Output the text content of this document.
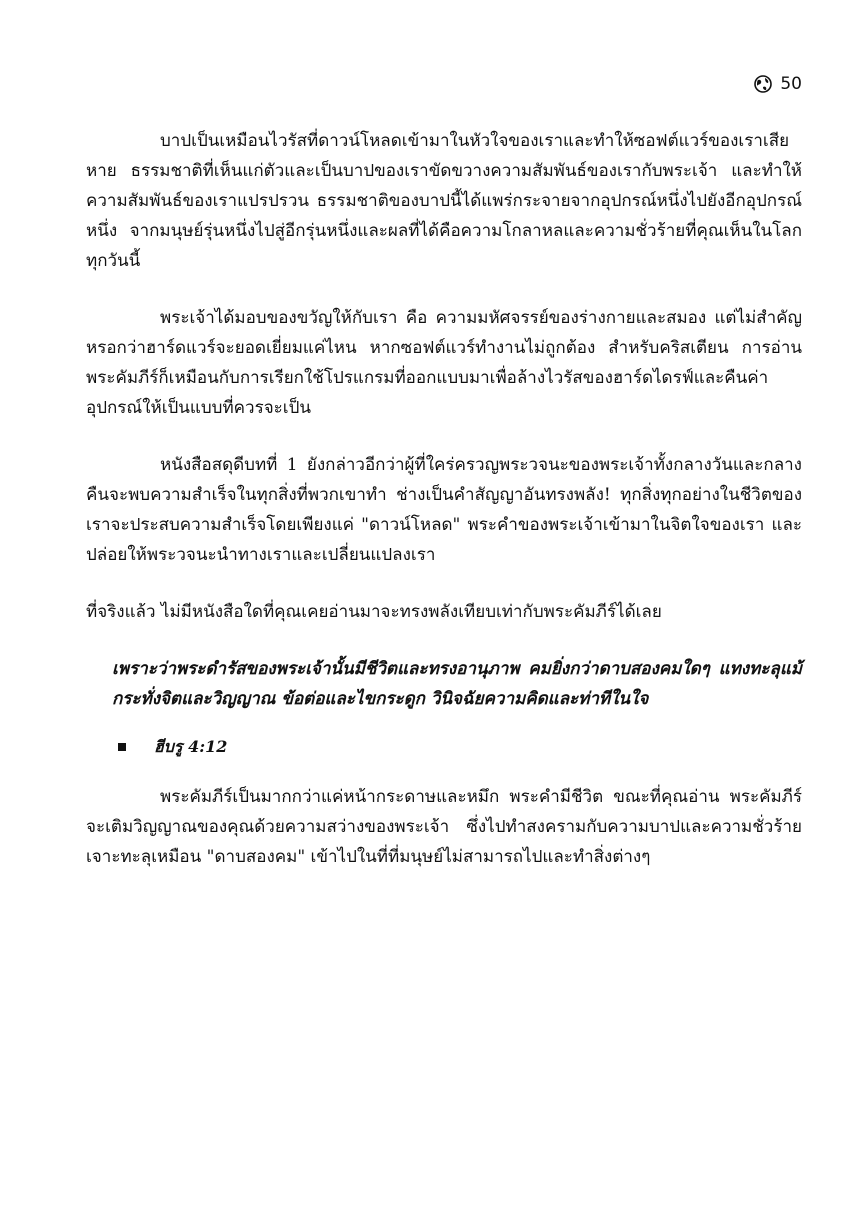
50

บาปเป็นเหมือนไวรัสที่ดาวน์โหลดเข้ามาในหัวใจของเราและทำให้ซอฟต์แวร์ของเราเสียหาย ธรรมชาติที่เห็นแก่ตัวและเป็นบาปของเราขัดขวางความสัมพันธ์ของเรากับพระเจ้า และทำให้ความสัมพันธ์ของเราแปรปรวน ธรรมชาติของบาปนี้ได้แพร่กระจายจากอุปกรณ์หนึ่งไปยังอีกอุปกรณ์หนึ่ง จากมนุษย์รุ่นหนึ่งไปสู่อีกรุ่นหนึ่งและผลที่ได้คือความโกลาหลและความชั่วร้ายที่คุณเห็นในโลกทุกวันนี้

พระเจ้าได้มอบของขวัญให้กับเรา คือ ความมหัศจรรย์ของร่างกายและสมอง แต่ไม่สำคัญหรอกว่าฮาร์ดแวร์จะยอดเยี่ยมแค่ไหน หากซอฟต์แวร์ทำงานไม่ถูกต้อง สำหรับคริสเตียน การอ่านพระคัมภีร์ก็เหมือนกับการเรียกใช้โปรแกรมที่ออกแบบมาเพื่อล้างไวรัสของฮาร์ดไดรฟ์และคืนค่าอุปกรณ์ให้เป็นแบบที่ควรจะเป็น

หนังสือสดุดีบทที่ 1 ยังกล่าวอีกว่าผู้ที่ใคร่ครวญพระวจนะของพระเจ้าทั้งกลางวันและกลางคืนจะพบความสำเร็จในทุกสิ่งที่พวกเขาทำ ช่างเป็นคำสัญญาอันทรงพลัง! ทุกสิ่งทุกอย่างในชีวิตของเราจะประสบความสำเร็จโดยเพียงแค่ "ดาวน์โหลด" พระคำของพระเจ้าเข้ามาในจิตใจของเรา และปล่อยให้พระวจนะนำทางเราและเปลี่ยนแปลงเรา

ที่จริงแล้ว ไม่มีหนังสือใดที่คุณเคยอ่านมาจะทรงพลังเทียบเท่ากับพระคัมภีร์ได้เลย

เพราะว่าพระดำรัสของพระเจ้านั้นมีชีวิตและทรงอานุภาพ คมยิ่งกว่าดาบสองคมใดๆ แทงทะลุแม้กระทั่งจิตและวิญญาณ ข้อต่อและไขกระดูก วินิจฉัยความคิดและท่าทีในใจ

ฮีบรู 4:12

พระคัมภีร์เป็นมากกว่าแค่หน้ากระดาษและหมึก พระคำมีชีวิต ขณะที่คุณอ่าน พระคัมภีร์จะเติมวิญญาณของคุณด้วยความสว่างของพระเจ้า ซึ่งไปทำสงครามกับความบาปและความชั่วร้าย เจาะทะลุเหมือน "ดาบสองคม" เข้าไปในที่ที่มนุษย์ไม่สามารถไปและทำสิ่งต่างๆ
